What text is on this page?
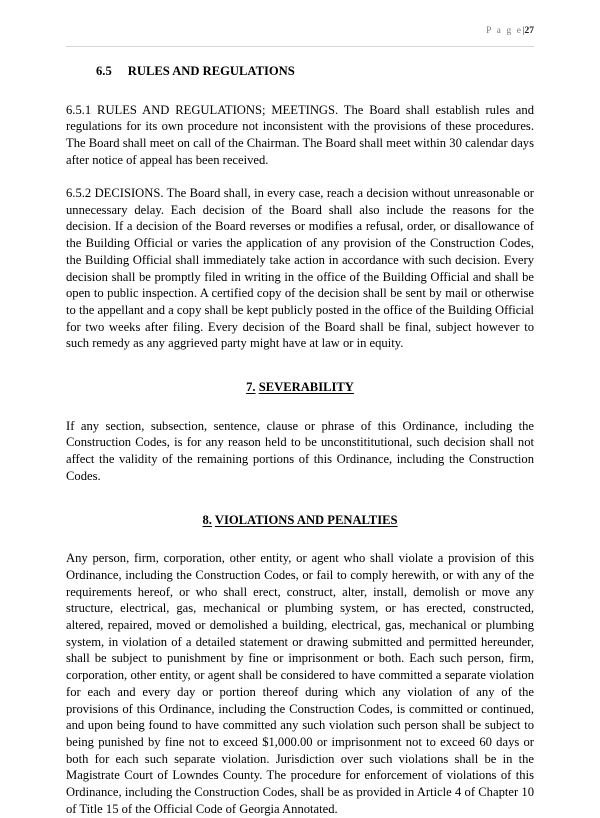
P a g e|27
6.5 RULES AND REGULATIONS

6.5.1 RULES AND REGULATIONS; MEETINGS. The Board shall establish rules and regulations for its own procedure not inconsistent with the provisions of these procedures. The Board shall meet on call of the Chairman. The Board shall meet within 30 calendar days after notice of appeal has been received.

6.5.2 DECISIONS. The Board shall, in every case, reach a decision without unreasonable or unnecessary delay. Each decision of the Board shall also include the reasons for the decision. If a decision of the Board reverses or modifies a refusal, order, or disallowance of the Building Official or varies the application of any provision of the Construction Codes, the Building Official shall immediately take action in accordance with such decision. Every decision shall be promptly filed in writing in the office of the Building Official and shall be open to public inspection. A certified copy of the decision shall be sent by mail or otherwise to the appellant and a copy shall be kept publicly posted in the office of the Building Official for two weeks after filing. Every decision of the Board shall be final, subject however to such remedy as any aggrieved party might have at law or in equity.

7. SEVERABILITY

If any section, subsection, sentence, clause or phrase of this Ordinance, including the Construction Codes, is for any reason held to be unconstititutional, such decision shall not affect the validity of the remaining portions of this Ordinance, including the Construction Codes.

8. VIOLATIONS AND PENALTIES

Any person, firm, corporation, other entity, or agent who shall violate a provision of this Ordinance, including the Construction Codes, or fail to comply herewith, or with any of the requirements hereof, or who shall erect, construct, alter, install, demolish or move any structure, electrical, gas, mechanical or plumbing system, or has erected, constructed, altered, repaired, moved or demolished a building, electrical, gas, mechanical or plumbing system, in violation of a detailed statement or drawing submitted and permitted hereunder, shall be subject to punishment by fine or imprisonment or both. Each such person, firm, corporation, other entity, or agent shall be considered to have committed a separate violation for each and every day or portion thereof during which any violation of any of the provisions of this Ordinance, including the Construction Codes, is committed or continued, and upon being found to have committed any such violation such person shall be subject to being punished by fine not to exceed $1,000.00 or imprisonment not to exceed 60 days or both for each such separate violation. Jurisdiction over such violations shall be in the Magistrate Court of Lowndes County. The procedure for enforcement of violations of this Ordinance, including the Construction Codes, shall be as provided in Article 4 of Chapter 10 of Title 15 of the Official Code of Georgia Annotated.
